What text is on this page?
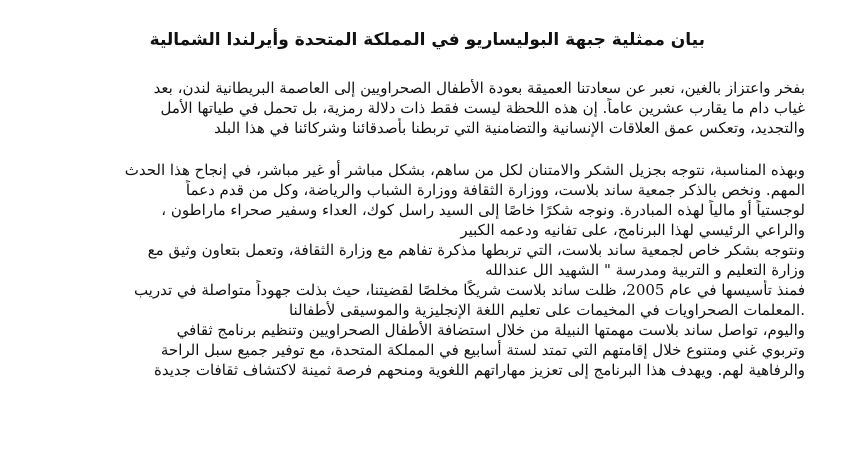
بيان ممثلية جبهة البوليساريو في المملكة المتحدة وأيرلندا الشمالية

بفخر واعتزاز بالغين، نعبر عن سعادتنا العميقة بعودة الأطفال الصحراويين إلى العاصمة البريطانية لندن، بعد
غياب دام ما يقارب عشرين عاماً. إن هذه اللحظة ليست فقط ذات دلالة رمزية، بل تحمل في طياتها الأمل
والتجديد، وتعكس عمق العلاقات الإنسانية والتضامنية التي تربطنا بأصدقائنا وشركائنا في هذا البلد

وبهذه المناسبة، نتوجه بجزيل الشكر والامتنان لكل من ساهم، بشكل مباشر أو غير مباشر، في إنجاح هذا الحدث
المهم. ونخص بالذكر جمعية ساند بلاست، ووزارة الثقافة ووزارة الشباب والرياضة، وكل من قدم دعماً
لوجستياً أو مالياً لهذه المبادرة. ونوجه شكرًا خاصًا إلى السيد راسل كوك، العداء وسفير صحراء ماراطون ،
والراعي الرئيسي لهذا البرنامج، على تفانيه ودعمه الكبير
ونتوجه بشكر خاص لجمعية ساند بلاست، التي تربطها مذكرة تفاهم مع وزارة الثقافة، وتعمل بتعاون وثيق مع
وزارة التعليم و التربية ومدرسة " الشهيد الل عندالله
فمنذ تأسيسها في عام 2005، ظلت ساند بلاست شريكًا مخلصًا لقضيتنا، حيث بذلت جهوداً متواصلة في تدريب
.المعلمات الصحراويات في المخيمات على تعليم اللغة الإنجليزية والموسيقى لأطفالنا
واليوم، تواصل ساند بلاست مهمتها النبيلة من خلال استضافة الأطفال الصحراويين وتنظيم برنامج ثقافي
وتربوي غني ومتنوع خلال إقامتهم التي تمتد لستة أسابيع في المملكة المتحدة، مع توفير جميع سبل الراحة
والرفاهية لهم. ويهدف هذا البرنامج إلى تعزيز مهاراتهم اللغوية ومنحهم فرصة ثمينة لاكتشاف ثقافات جديدة
